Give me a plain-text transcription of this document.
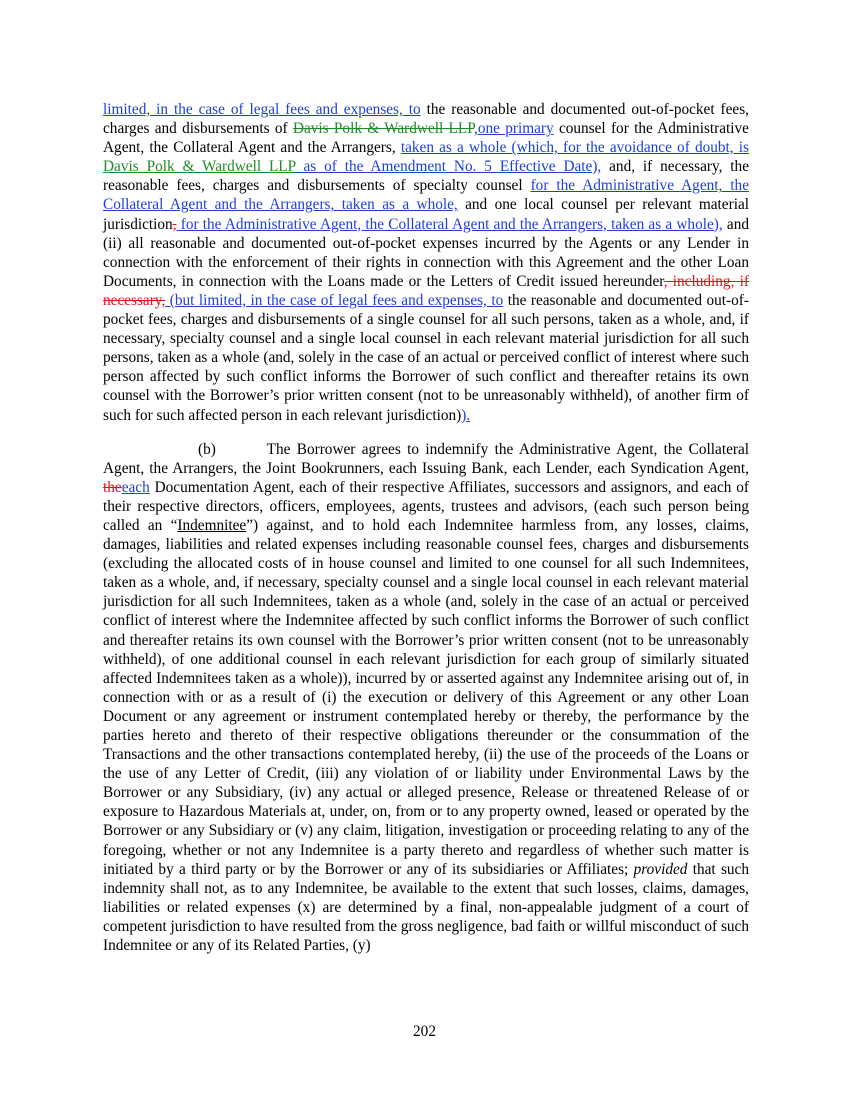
limited, in the case of legal fees and expenses, to the reasonable and documented out-of-pocket fees, charges and disbursements of Davis Polk & Wardwell LLP,one primary counsel for the Administrative Agent, the Collateral Agent and the Arrangers, taken as a whole (which, for the avoidance of doubt, is Davis Polk & Wardwell LLP as of the Amendment No. 5 Effective Date), and, if necessary, the reasonable fees, charges and disbursements of specialty counsel for the Administrative Agent, the Collateral Agent and the Arrangers, taken as a whole, and one local counsel per relevant material jurisdiction, for the Administrative Agent, the Collateral Agent and the Arrangers, taken as a whole), and (ii) all reasonable and documented out-of-pocket expenses incurred by the Agents or any Lender in connection with the enforcement of their rights in connection with this Agreement and the other Loan Documents, in connection with the Loans made or the Letters of Credit issued hereunder, including, if necessary, (but limited, in the case of legal fees and expenses, to the reasonable and documented out-of-pocket fees, charges and disbursements of a single counsel for all such persons, taken as a whole, and, if necessary, specialty counsel and a single local counsel in each relevant material jurisdiction for all such persons, taken as a whole (and, solely in the case of an actual or perceived conflict of interest where such person affected by such conflict informs the Borrower of such conflict and thereafter retains its own counsel with the Borrower’s prior written consent (not to be unreasonably withheld), of another firm of such for such affected person in each relevant jurisdiction)).

(b)        The Borrower agrees to indemnify the Administrative Agent, the Collateral Agent, the Arrangers, the Joint Bookrunners, each Issuing Bank, each Lender, each Syndication Agent, theeach Documentation Agent, each of their respective Affiliates, successors and assignors, and each of their respective directors, officers, employees, agents, trustees and advisors, (each such person being called an “Indemnitee”) against, and to hold each Indemnitee harmless from, any losses, claims, damages, liabilities and related expenses including reasonable counsel fees, charges and disbursements (excluding the allocated costs of in house counsel and limited to one counsel for all such Indemnitees, taken as a whole, and, if necessary, specialty counsel and a single local counsel in each relevant material jurisdiction for all such Indemnitees, taken as a whole (and, solely in the case of an actual or perceived conflict of interest where the Indemnitee affected by such conflict informs the Borrower of such conflict and thereafter retains its own counsel with the Borrower’s prior written consent (not to be unreasonably withheld), of one additional counsel in each relevant jurisdiction for each group of similarly situated affected Indemnitees taken as a whole)), incurred by or asserted against any Indemnitee arising out of, in connection with or as a result of (i) the execution or delivery of this Agreement or any other Loan Document or any agreement or instrument contemplated hereby or thereby, the performance by the parties hereto and thereto of their respective obligations thereunder or the consummation of the Transactions and the other transactions contemplated hereby, (ii) the use of the proceeds of the Loans or the use of any Letter of Credit, (iii) any violation of or liability under Environmental Laws by the Borrower or any Subsidiary, (iv) any actual or alleged presence, Release or threatened Release of or exposure to Hazardous Materials at, under, on, from or to any property owned, leased or operated by the Borrower or any Subsidiary or (v) any claim, litigation, investigation or proceeding relating to any of the foregoing, whether or not any Indemnitee is a party thereto and regardless of whether such matter is initiated by a third party or by the Borrower or any of its subsidiaries or Affiliates; provided that such indemnity shall not, as to any Indemnitee, be available to the extent that such losses, claims, damages, liabilities or related expenses (x) are determined by a final, non-appealable judgment of a court of competent jurisdiction to have resulted from the gross negligence, bad faith or willful misconduct of such Indemnitee or any of its Related Parties, (y)

202
